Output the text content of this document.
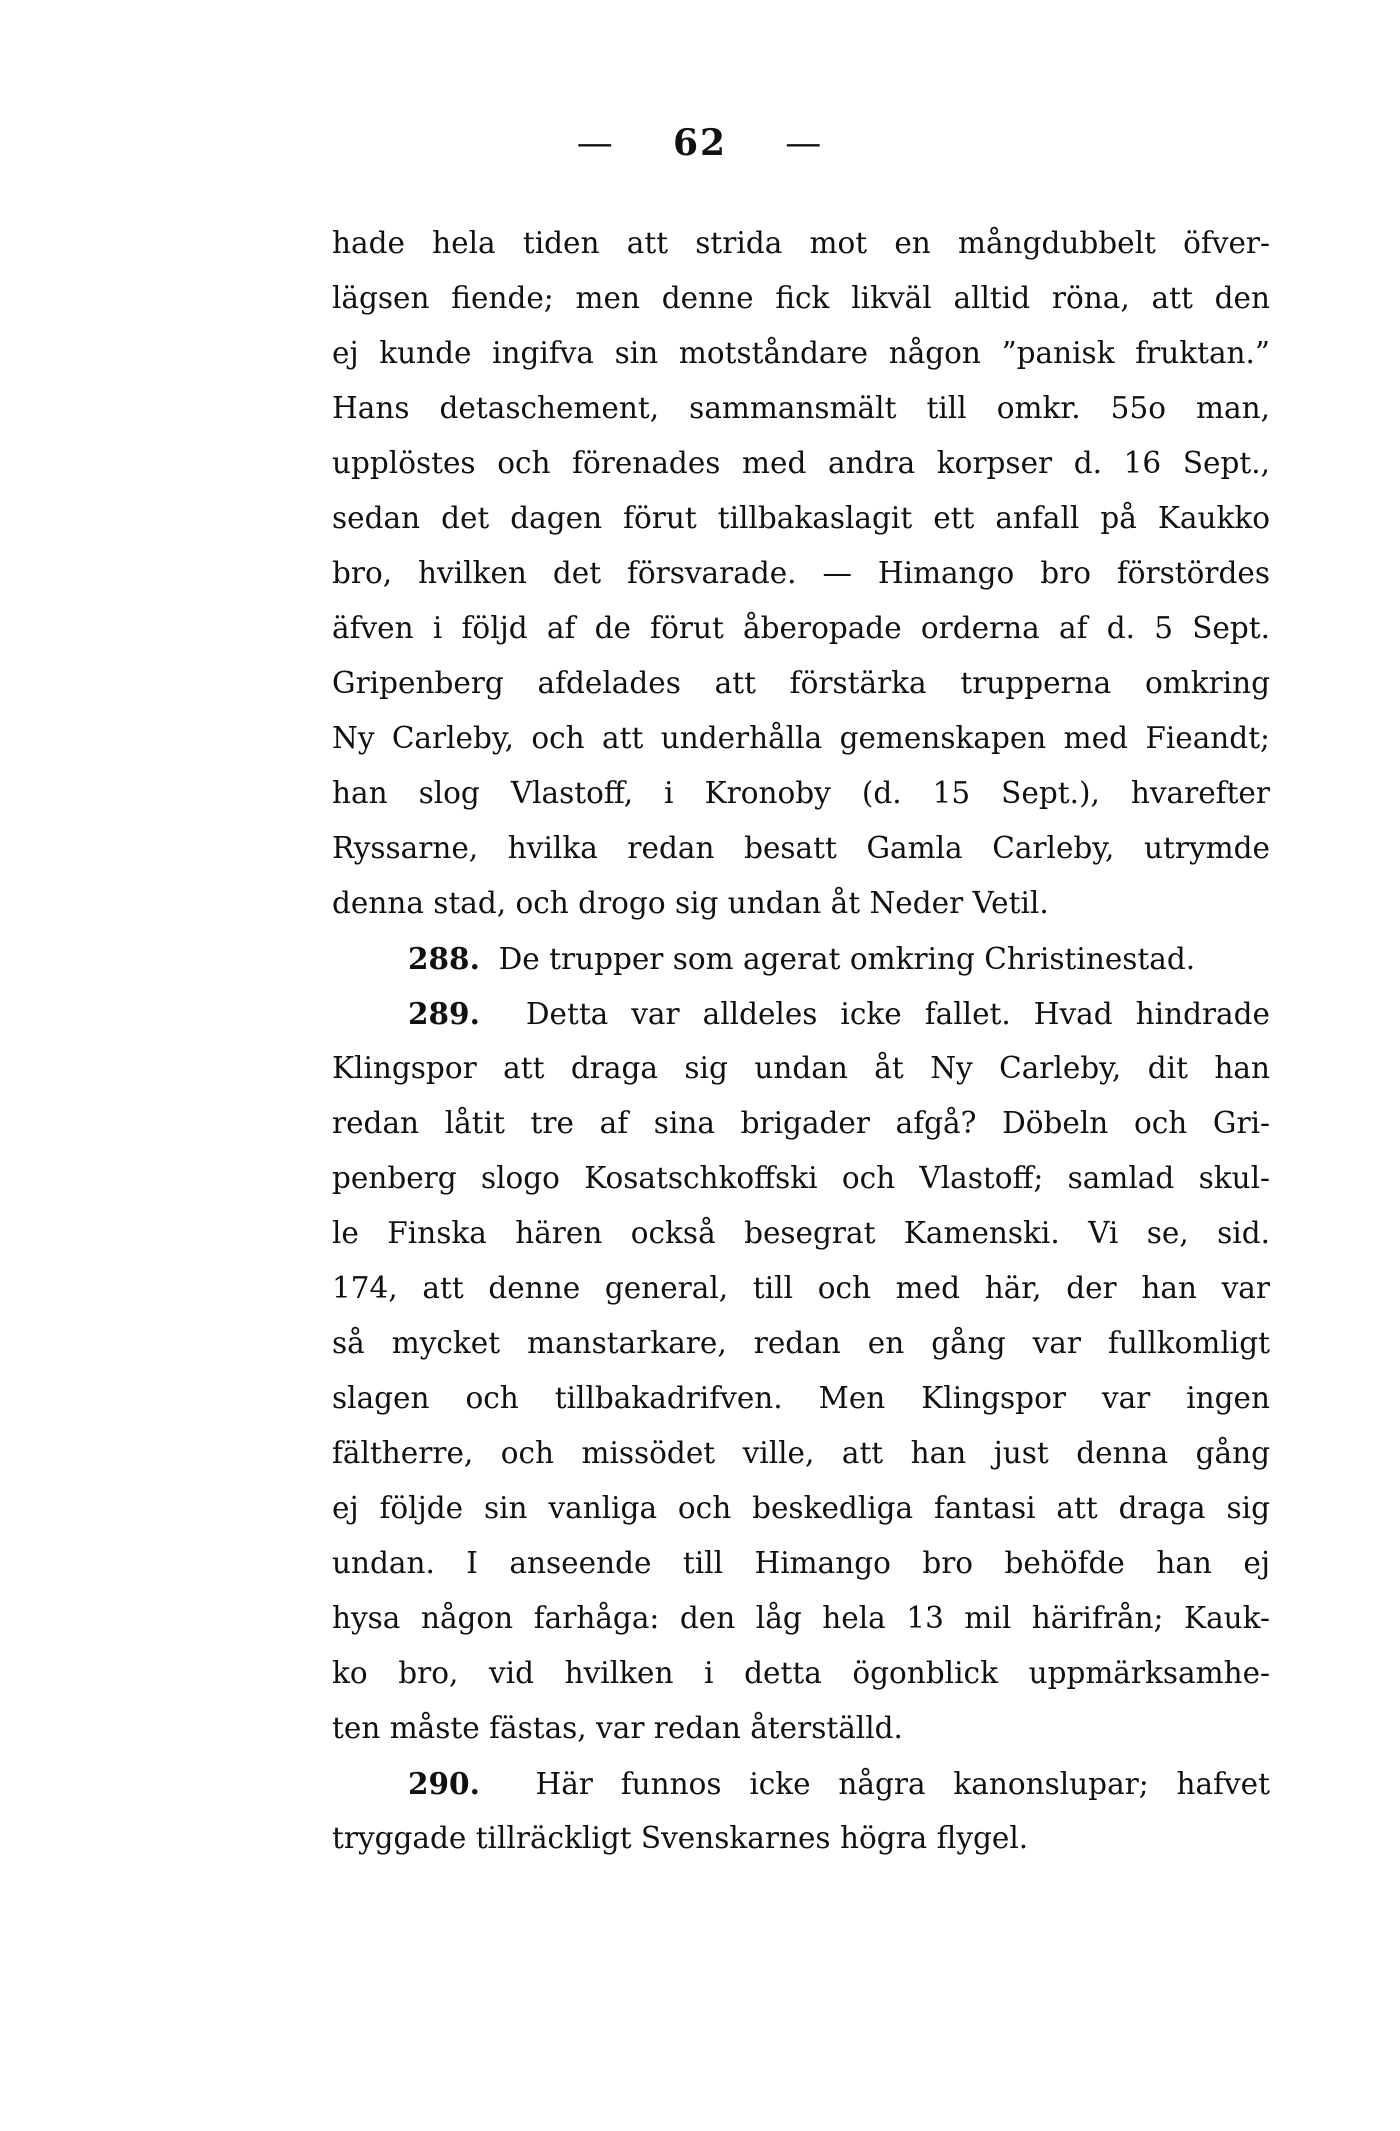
— 62 —
hade hela tiden att strida mot en mångdubbelt öfver-
lägsen fiende; men denne fick likväl alltid röna, att den
ej kunde ingifva sin motståndare någon ”panisk fruktan.”
Hans detaschement, sammansmält till omkr. 55o man,
upplöstes och förenades med andra korpser d. 16 Sept.,
sedan det dagen förut tillbakaslagit ett anfall på Kaukko
bro, hvilken det försvarade. — Himango bro förstördes
äfven i följd af de förut åberopade orderna af d. 5 Sept.
Gripenberg afdelades att förstärka trupperna omkring
Ny Carleby, och att underhålla gemenskapen med Fieandt;
han slog Vlastoff, i Kronoby (d. 15 Sept.), hvarefter
Ryssarne, hvilka redan besatt Gamla Carleby, utrymde
denna stad, och drogo sig undan åt Neder Vetil.
288. De trupper som agerat omkring Christinestad.
289. Detta var alldeles icke fallet. Hvad hindrade
Klingspor att draga sig undan åt Ny Carleby, dit han
redan låtit tre af sina brigader afgå? Döbeln och Gri-
penberg slogo Kosatschkoffski och Vlastoff; samlad skul-
le Finska hären också besegrat Kamenski. Vi se, sid.
174, att denne general, till och med här, der han var
så mycket manstarkare, redan en gång var fullkomligt
slagen och tillbakadrifven. Men Klingspor var ingen
fältherre, och missödet ville, att han just denna gång
ej följde sin vanliga och beskedliga fantasi att draga sig
undan. I anseende till Himango bro behöfde han ej
hysa någon farhåga: den låg hela 13 mil härifrån; Kauk-
ko bro, vid hvilken i detta ögonblick uppmärksamhe-
ten måste fästas, var redan återställd.
290. Här funnos icke några kanonslupar; hafvet
tryggade tillräckligt Svenskarnes högra flygel.
